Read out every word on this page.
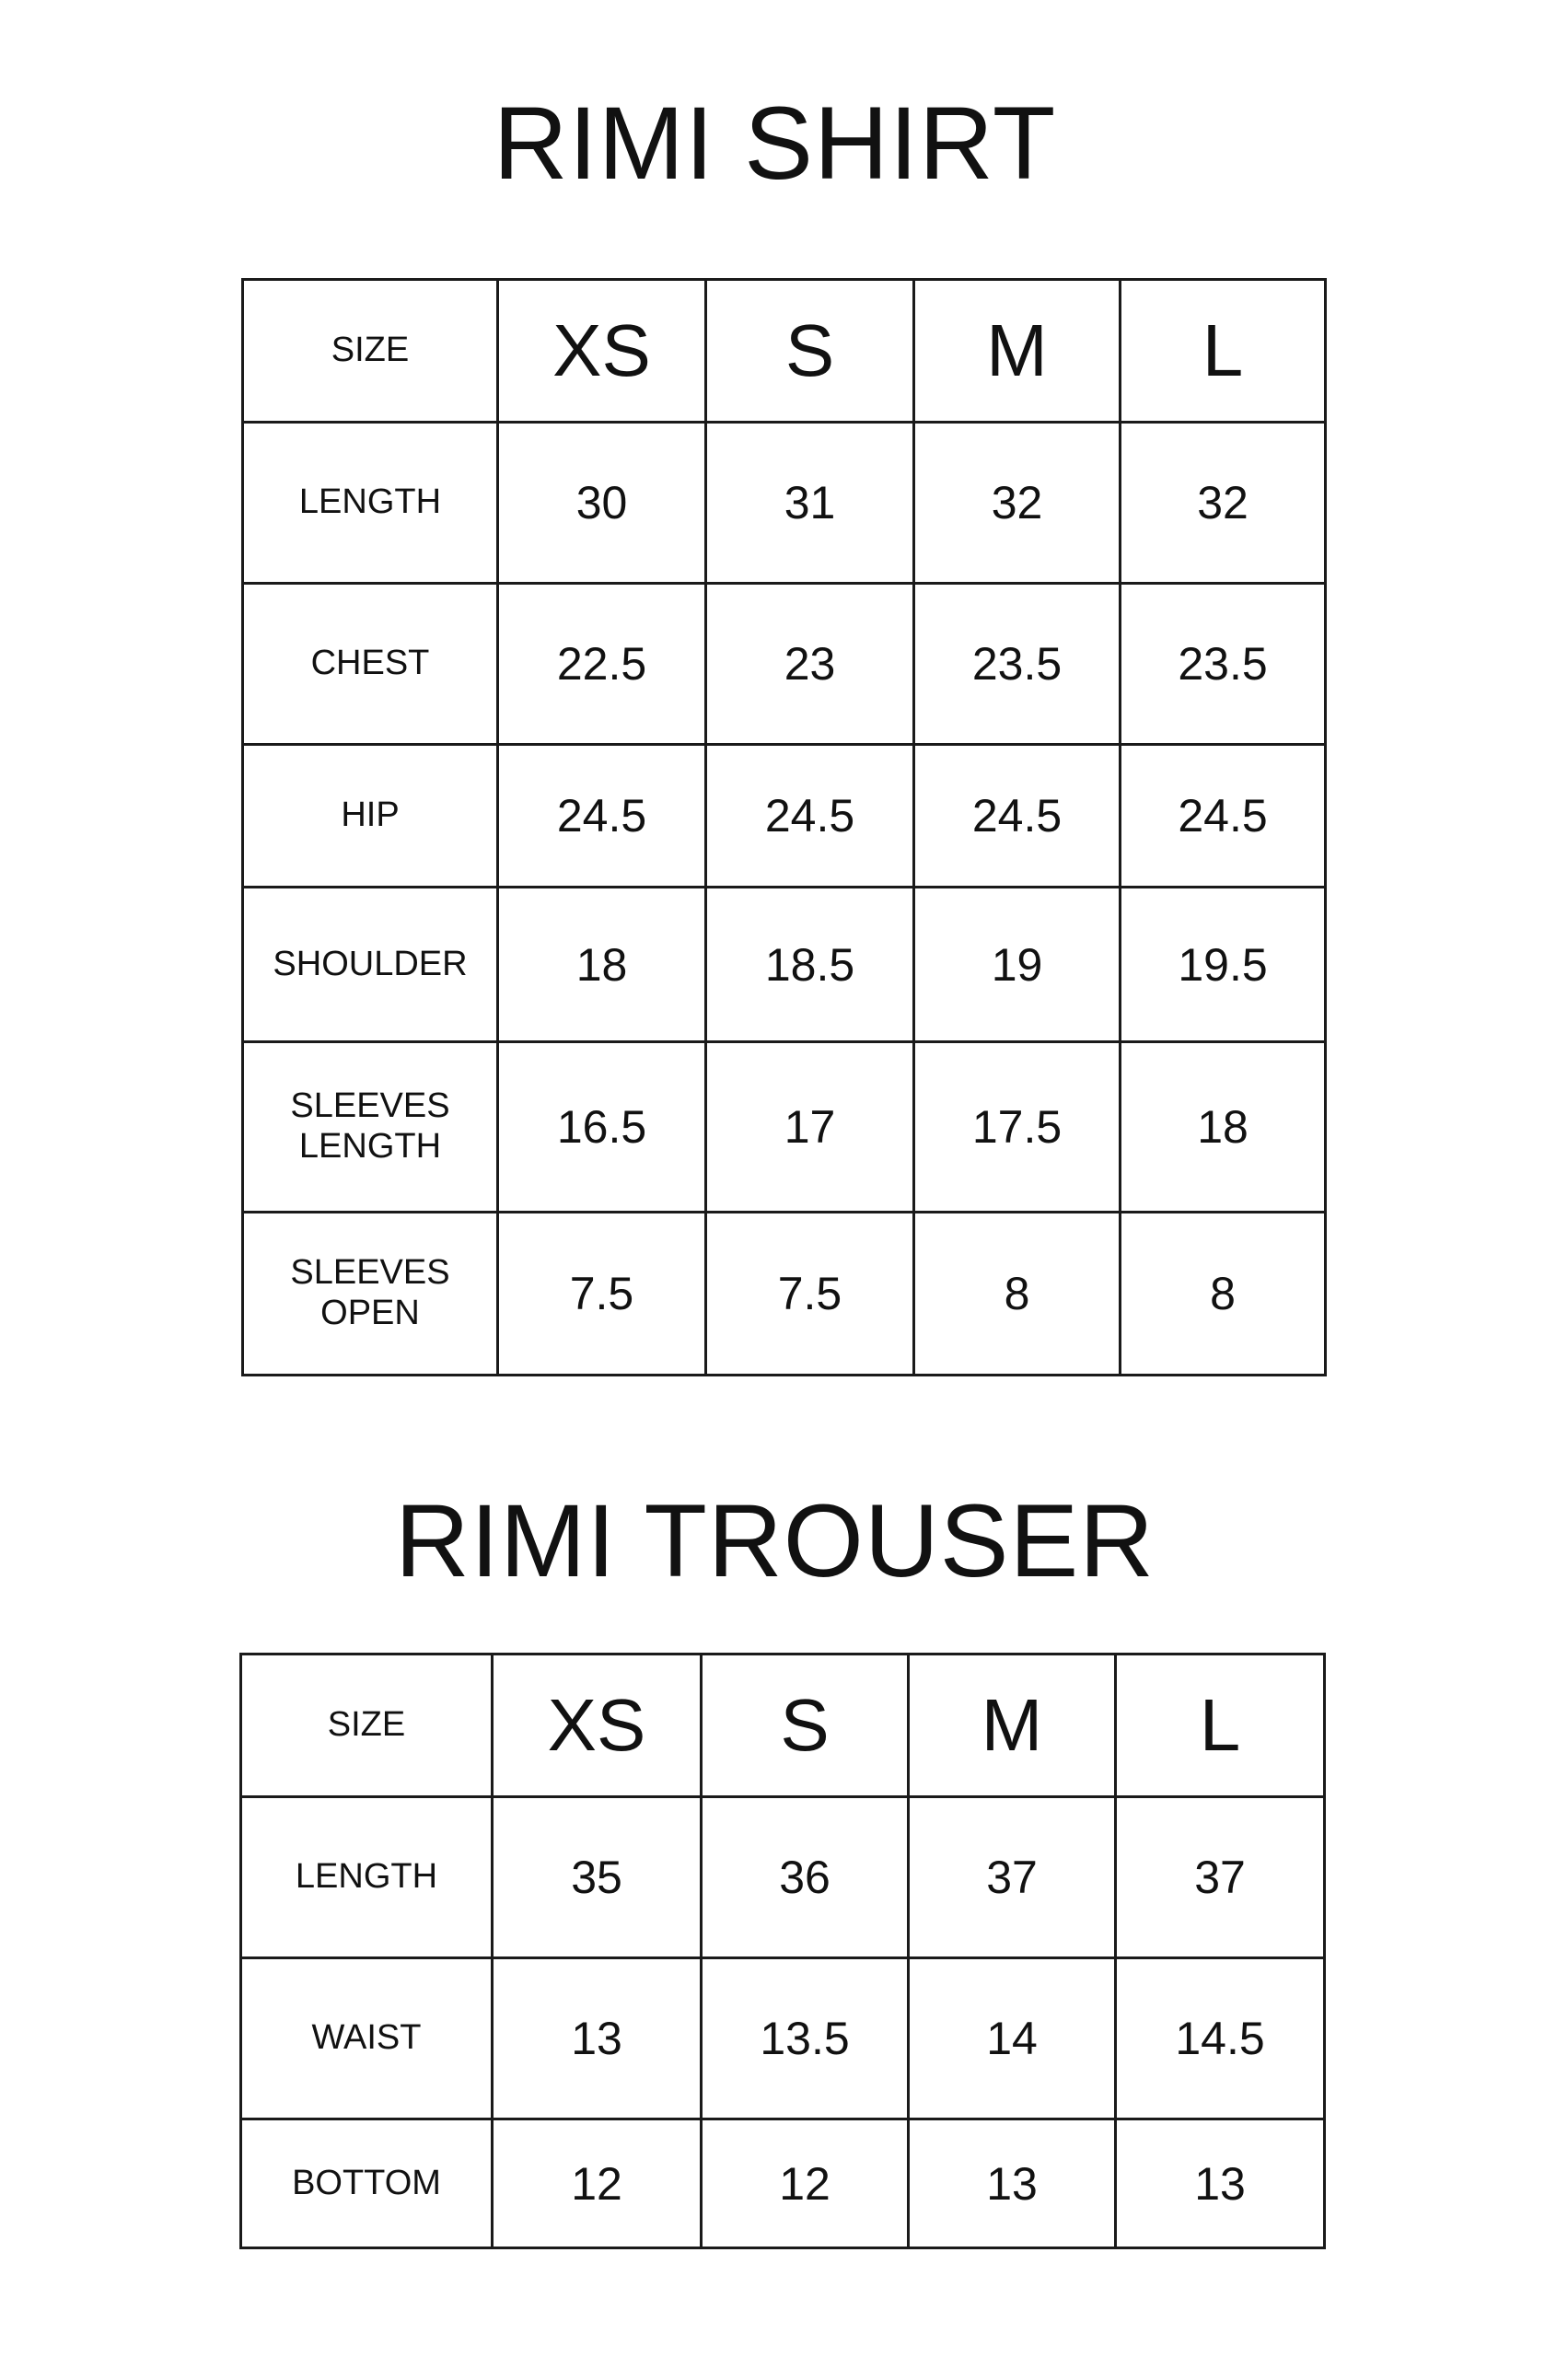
RIMI SHIRT
SIZE	XS	S	M	L

LENGTH	30	31	32	32

CHEST	22.5	23	23.5	23.5

HIP	24.5	24.5	24.5	24.5

SHOULDER	18	18.5	19	19.5

SLEEVES
LENGTH	16.5	17	17.5	18

SLEEVES
OPEN	7.5	7.5	8	8
RIMI TROUSER
SIZE	XS	S	M	L

LENGTH	35	36	37	37

WAIST	13	13.5	14	14.5

BOTTOM	12	12	13	13
